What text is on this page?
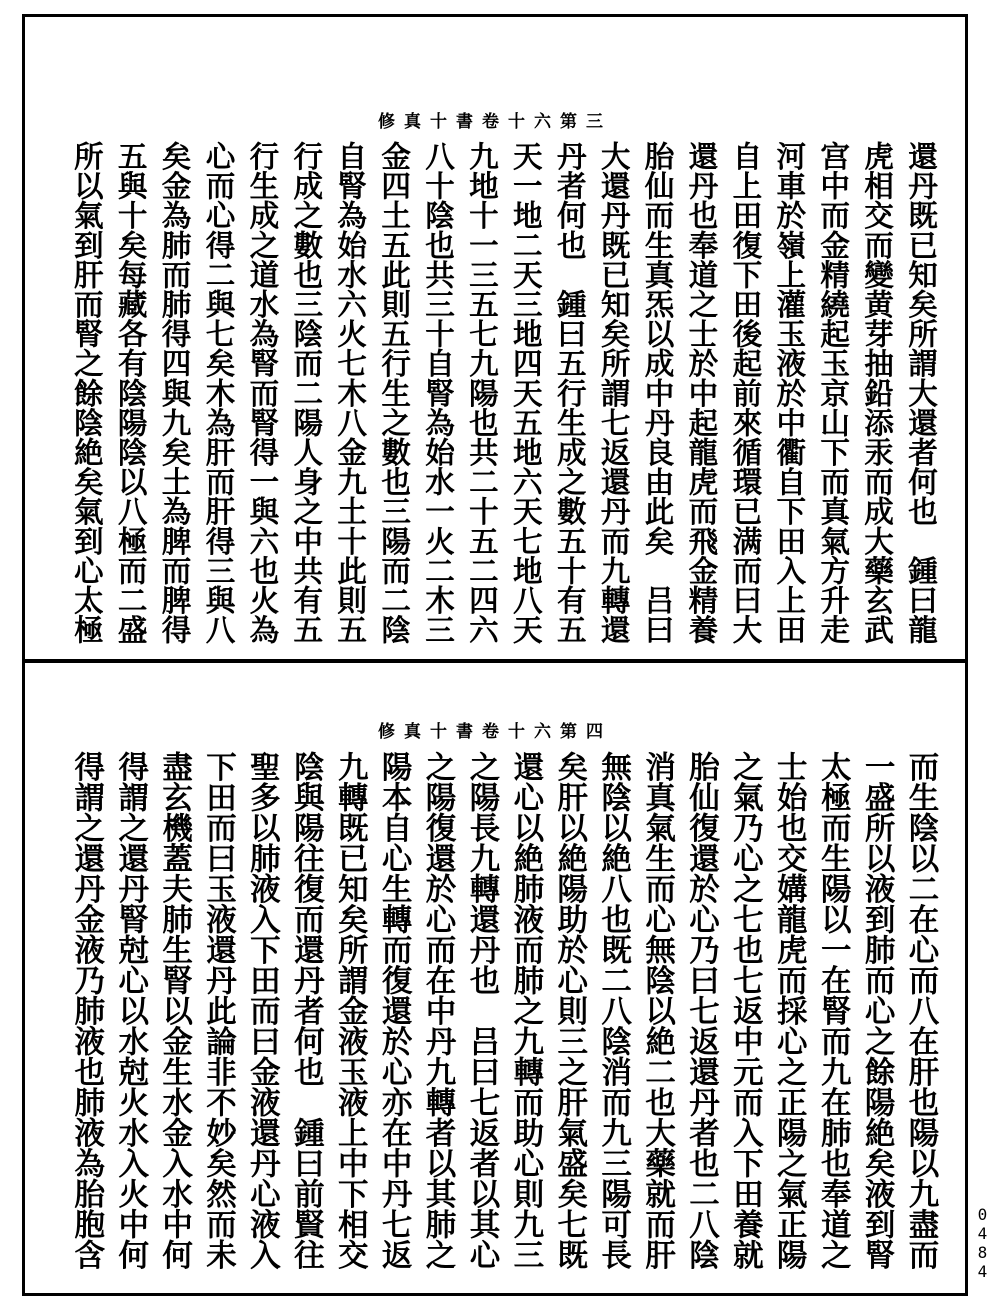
修真十書卷十六第三
還丹既已知矣所謂大還者何也　鍾曰龍
虎相交而變黄芽抽鉛添汞而成大藥玄武
宫中而金精繞起玉京山下而真氣方升走
河車於嶺上灌玉液於中衢自下田入上田
自上田復下田後起前來循環已满而曰大
還丹也奉道之士於中起龍虎而飛金精養
胎仙而生真炁以成中丹良由此矣　吕曰
大還丹既已知矣所謂七返還丹而九轉還
丹者何也　鍾曰五行生成之數五十有五
天一地二天三地四天五地六天七地八天
九地十一三五七九陽也共二十五二四六
八十陰也共三十自腎為始水一火二木三
金四土五此則五行生之數也三陽而二陰
自腎為始水六火七木八金九土十此則五
行成之數也三陰而二陽人身之中共有五
行生成之道水為腎而腎得一與六也火為
心而心得二與七矣木為肝而肝得三與八
矣金為肺而肺得四與九矣土為脾而脾得
五與十矣每藏各有陰陽陰以八極而二盛
所以氣到肝而腎之餘陰絶矣氣到心太極
修真十書卷十六第四
而生陰以二在心而八在肝也陽以九盡而
一盛所以液到肺而心之餘陽絶矣液到腎
太極而生陽以一在腎而九在肺也奉道之
士始也交媾龍虎而採心之正陽之氣正陽
之氣乃心之七也七返中元而入下田養就
胎仙復還於心乃曰七返還丹者也二八陰
消真氣生而心無陰以絶二也大藥就而肝
無陰以絶八也既二八陰消而九三陽可長
矣肝以絶陽助於心則三之肝氣盛矣七既
還心以絶肺液而肺之九轉而助心則九三
之陽長九轉還丹也　吕曰七返者以其心
之陽復還於心而在中丹九轉者以其肺之
陽本自心生轉而復還於心亦在中丹七返
九轉既已知矣所謂金液玉液上中下相交
陰與陽往復而還丹者何也　鍾曰前賢往
聖多以肺液入下田而曰金液還丹心液入
下田而曰玉液還丹此論非不妙矣然而未
盡玄機蓋夫肺生腎以金生水金入水中何
得謂之還丹腎尅心以水尅火水入火中何
得謂之還丹金液乃肺液也肺液為胎胞含	0484
